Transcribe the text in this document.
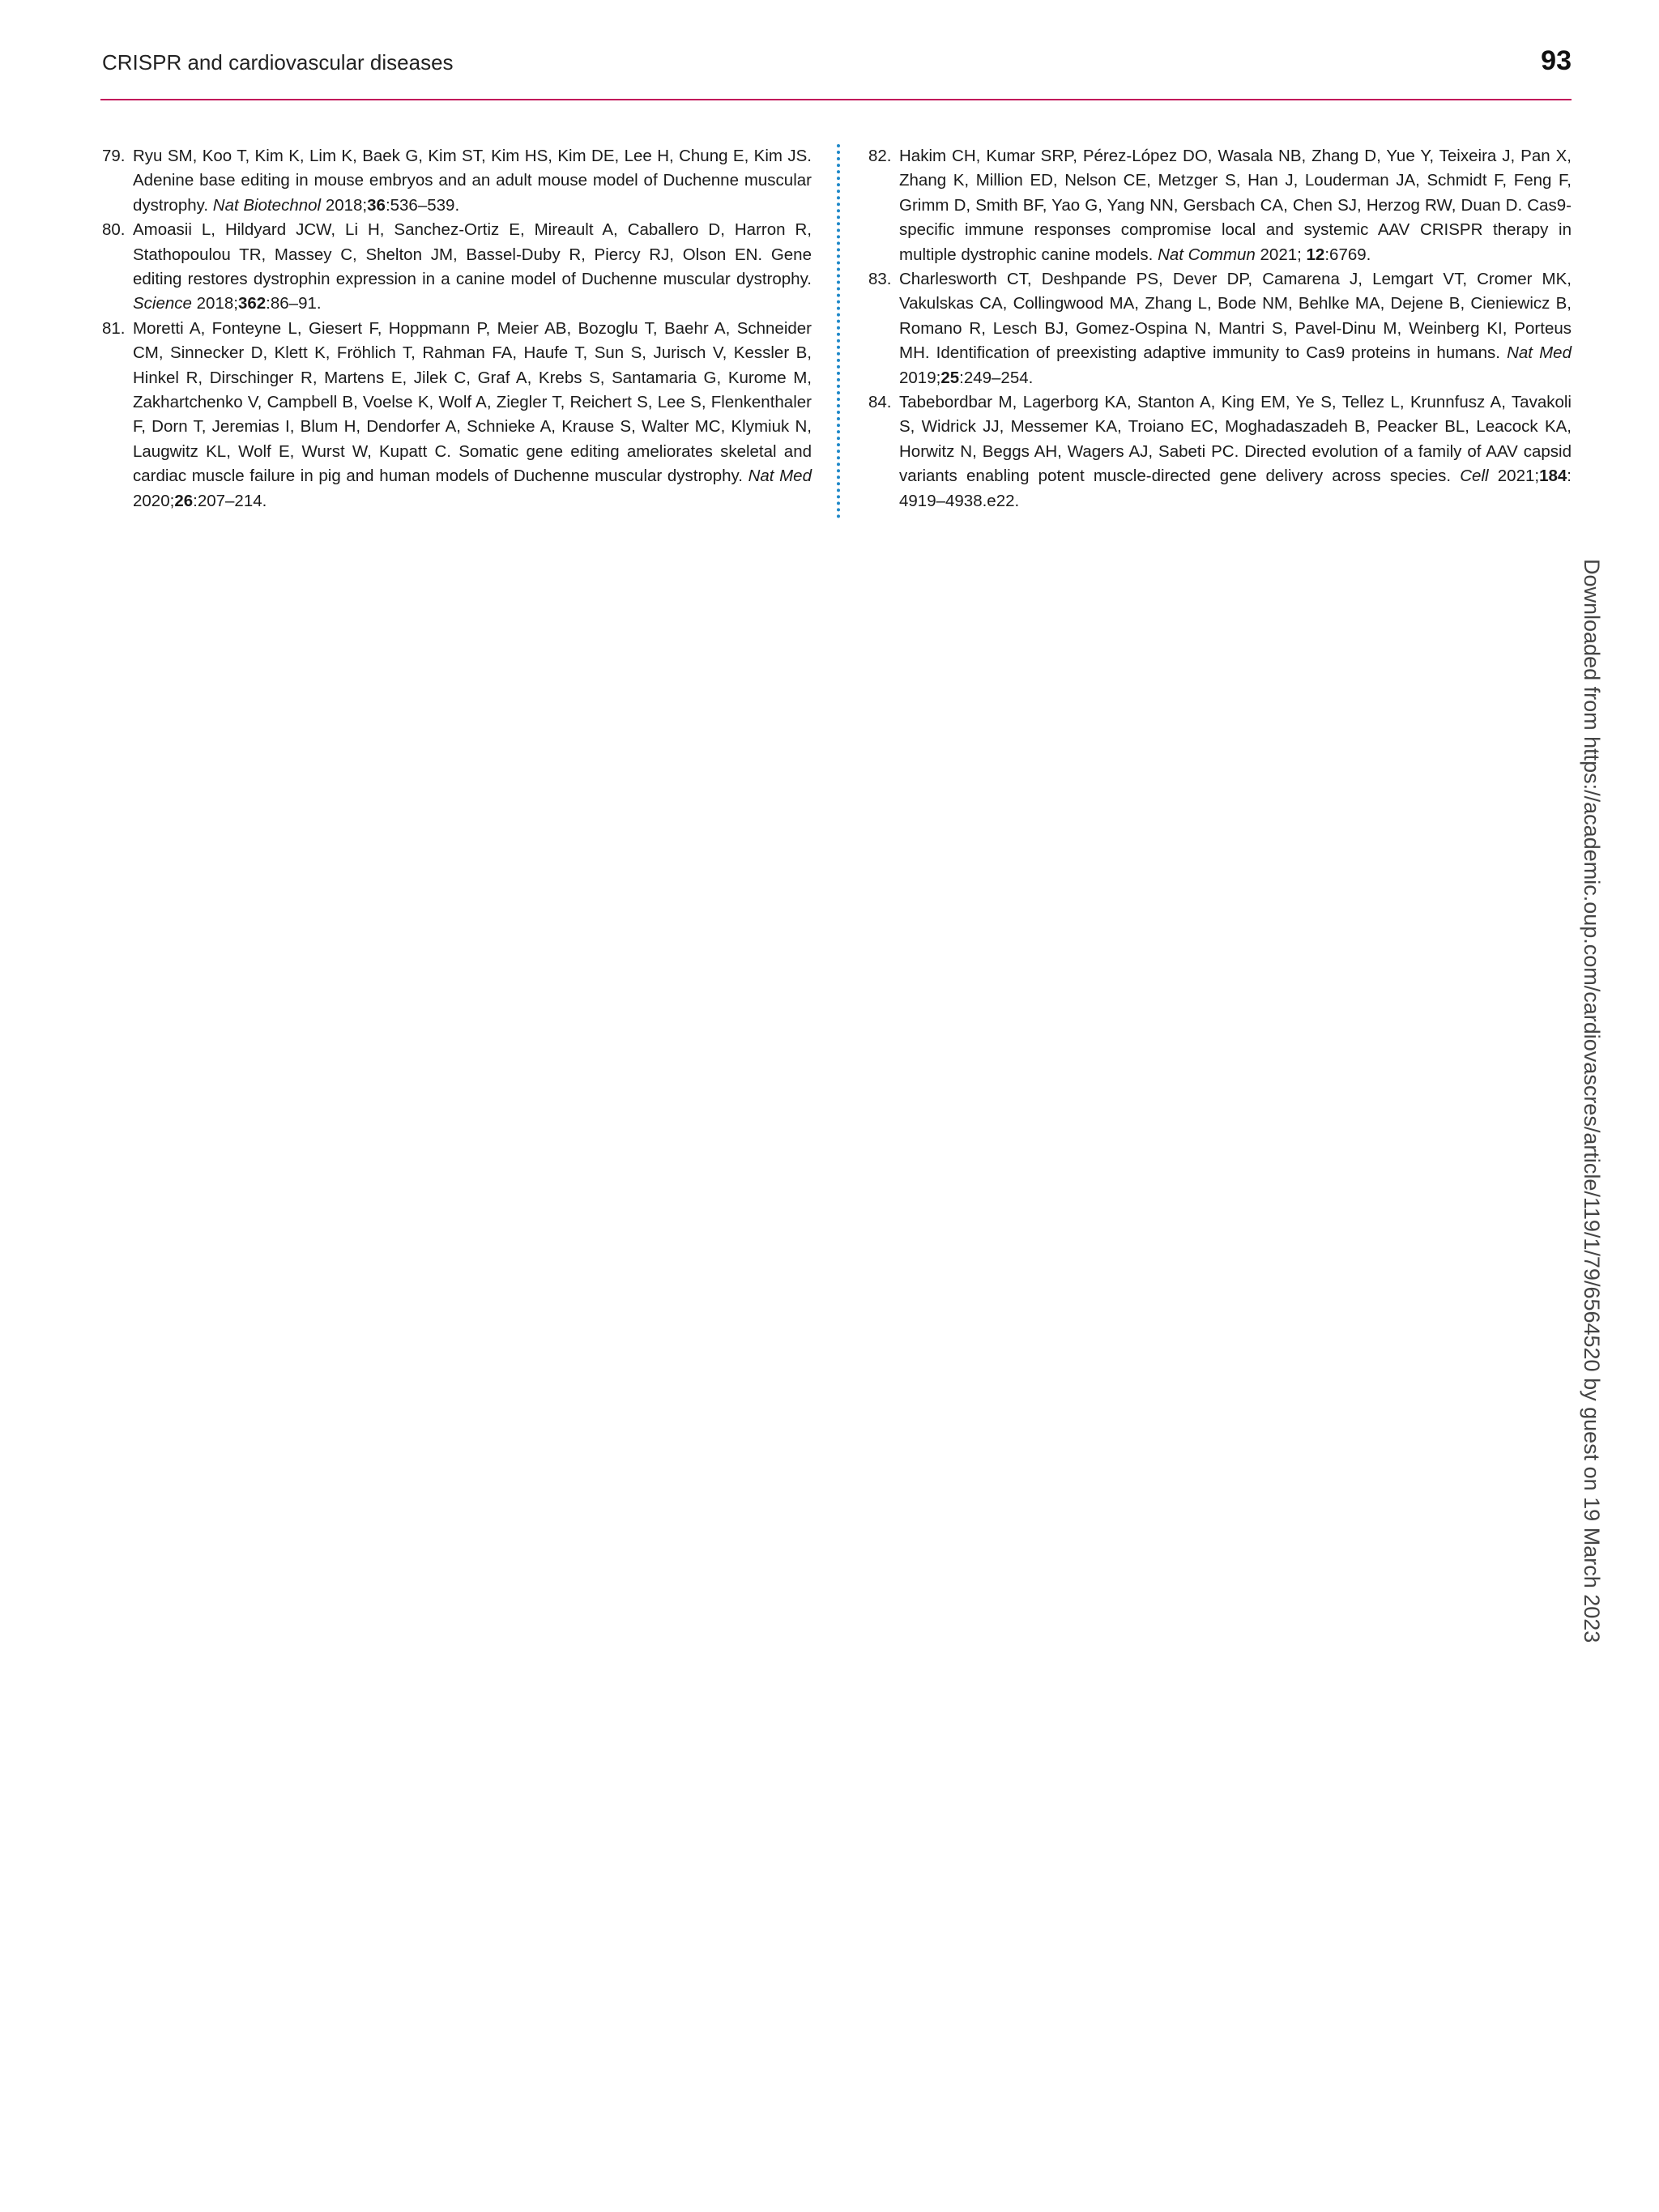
CRISPR and cardiovascular diseases	93
79. Ryu SM, Koo T, Kim K, Lim K, Baek G, Kim ST, Kim HS, Kim DE, Lee H, Chung E, Kim JS. Adenine base editing in mouse embryos and an adult mouse model of Duchenne muscular dystrophy. Nat Biotechnol 2018;36:536–539.
80. Amoasii L, Hildyard JCW, Li H, Sanchez-Ortiz E, Mireault A, Caballero D, Harron R, Stathopoulou TR, Massey C, Shelton JM, Bassel-Duby R, Piercy RJ, Olson EN. Gene editing restores dystrophin expression in a canine model of Duchenne muscular dystrophy. Science 2018;362:86–91.
81. Moretti A, Fonteyne L, Giesert F, Hoppmann P, Meier AB, Bozoglu T, Baehr A, Schneider CM, Sinnecker D, Klett K, Fröhlich T, Rahman FA, Haufe T, Sun S, Jurisch V, Kessler B, Hinkel R, Dirschinger R, Martens E, Jilek C, Graf A, Krebs S, Santamaria G, Kurome M, Zakhartchenko V, Campbell B, Voelse K, Wolf A, Ziegler T, Reichert S, Lee S, Flenkenthaler F, Dorn T, Jeremias I, Blum H, Dendorfer A, Schnieke A, Krause S, Walter MC, Klymiuk N, Laugwitz KL, Wolf E, Wurst W, Kupatt C. Somatic gene editing ameliorates skeletal and cardiac muscle failure in pig and human models of Duchenne muscular dystrophy. Nat Med 2020;26:207–214.
82. Hakim CH, Kumar SRP, Pérez-López DO, Wasala NB, Zhang D, Yue Y, Teixeira J, Pan X, Zhang K, Million ED, Nelson CE, Metzger S, Han J, Louderman JA, Schmidt F, Feng F, Grimm D, Smith BF, Yao G, Yang NN, Gersbach CA, Chen SJ, Herzog RW, Duan D. Cas9-specific immune responses compromise local and systemic AAV CRISPR therapy in multiple dystrophic canine models. Nat Commun 2021; 12:6769.
83. Charlesworth CT, Deshpande PS, Dever DP, Camarena J, Lemgart VT, Cromer MK, Vakulskas CA, Collingwood MA, Zhang L, Bode NM, Behlke MA, Dejene B, Cieniewicz B, Romano R, Lesch BJ, Gomez-Ospina N, Mantri S, Pavel-Dinu M, Weinberg KI, Porteus MH. Identification of preexisting adaptive immunity to Cas9 proteins in humans. Nat Med 2019;25:249–254.
84. Tabebordbar M, Lagerborg KA, Stanton A, King EM, Ye S, Tellez L, Krunnfusz A, Tavakoli S, Widrick JJ, Messemer KA, Troiano EC, Moghadaszadeh B, Peacker BL, Leacock KA, Horwitz N, Beggs AH, Wagers AJ, Sabeti PC. Directed evolution of a family of AAV capsid variants enabling potent muscle-directed gene delivery across species. Cell 2021;184: 4919–4938.e22.
Downloaded from https://academic.oup.com/cardiovascres/article/119/1/79/6564520 by guest on 19 March 2023
